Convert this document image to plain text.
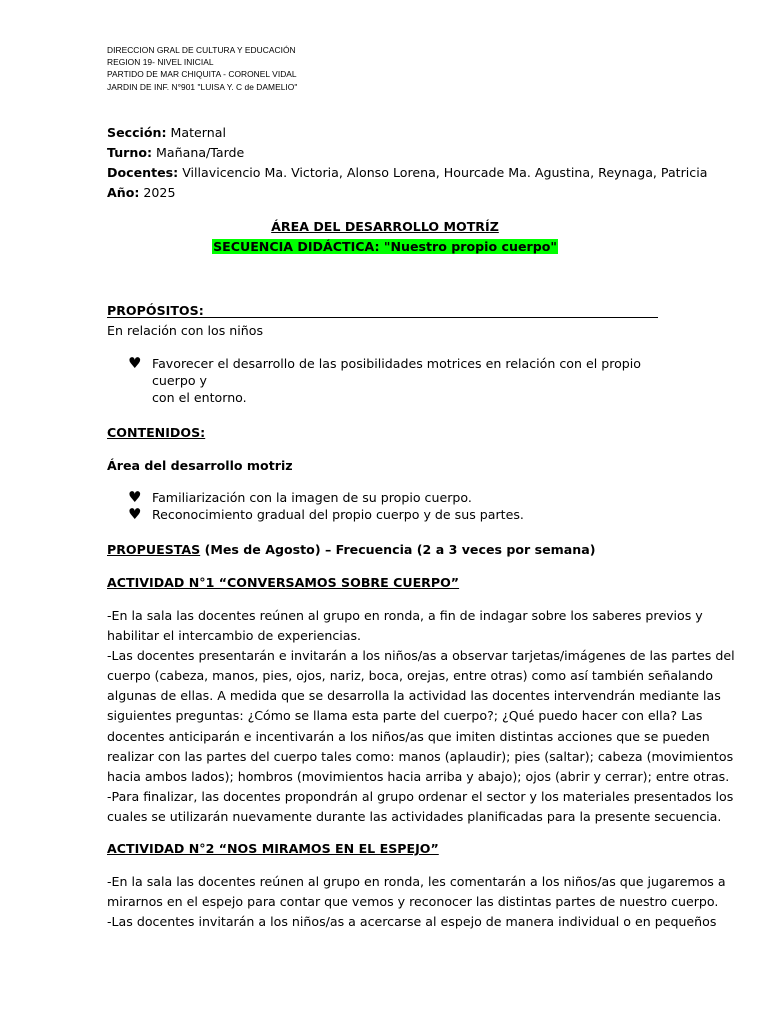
DIRECCION GRAL DE CULTURA Y EDUCACIÓN
REGION 19- NIVEL INICIAL
PARTIDO DE MAR CHIQUITA - CORONEL VIDAL
JARDIN DE INF. N°901 "LUISA Y. C de DAMELIO"
Sección: Maternal
Turno: Mañana/Tarde
Docentes: Villavicencio Ma. Victoria, Alonso Lorena, Hourcade Ma. Agustina, Reynaga, Patricia
Año: 2025
ÁREA DEL DESARROLLO MOTRÍZ
SECUENCIA DIDÁCTICA: "Nuestro propio cuerpo"
PROPÓSITOS:
En relación con los niños
♥ Favorecer el desarrollo de las posibilidades motrices en relación con el propio cuerpo y
con el entorno.
CONTENIDOS:
Área del desarrollo motriz
♥ Familiarización con la imagen de su propio cuerpo.
♥ Reconocimiento gradual del propio cuerpo y de sus partes.
PROPUESTAS (Mes de Agosto) – Frecuencia (2 a 3 veces por semana)
ACTIVIDAD N°1 “CONVERSAMOS SOBRE CUERPO”
-En la sala las docentes reúnen al grupo en ronda, a fin de indagar sobre los saberes previos y
habilitar el intercambio de experiencias.
-Las docentes presentarán e invitarán a los niños/as a observar tarjetas/imágenes de las partes del
cuerpo (cabeza, manos, pies, ojos, nariz, boca, orejas, entre otras) como así también señalando
algunas de ellas. A medida que se desarrolla la actividad las docentes intervendrán mediante las
siguientes preguntas: ¿Cómo se llama esta parte del cuerpo?; ¿Qué puedo hacer con ella? Las
docentes anticiparán e incentivarán a los niños/as que imiten distintas acciones que se pueden
realizar con las partes del cuerpo tales como: manos (aplaudir); pies (saltar); cabeza (movimientos
hacia ambos lados); hombros (movimientos hacia arriba y abajo); ojos (abrir y cerrar); entre otras.
-Para finalizar, las docentes propondrán al grupo ordenar el sector y los materiales presentados los
cuales se utilizarán nuevamente durante las actividades planificadas para la presente secuencia.
ACTIVIDAD N°2 “NOS MIRAMOS EN EL ESPEJO”
-En la sala las docentes reúnen al grupo en ronda, les comentarán a los niños/as que jugaremos a
mirarnos en el espejo para contar que vemos y reconocer las distintas partes de nuestro cuerpo.
-Las docentes invitarán a los niños/as a acercarse al espejo de manera individual o en pequeños
